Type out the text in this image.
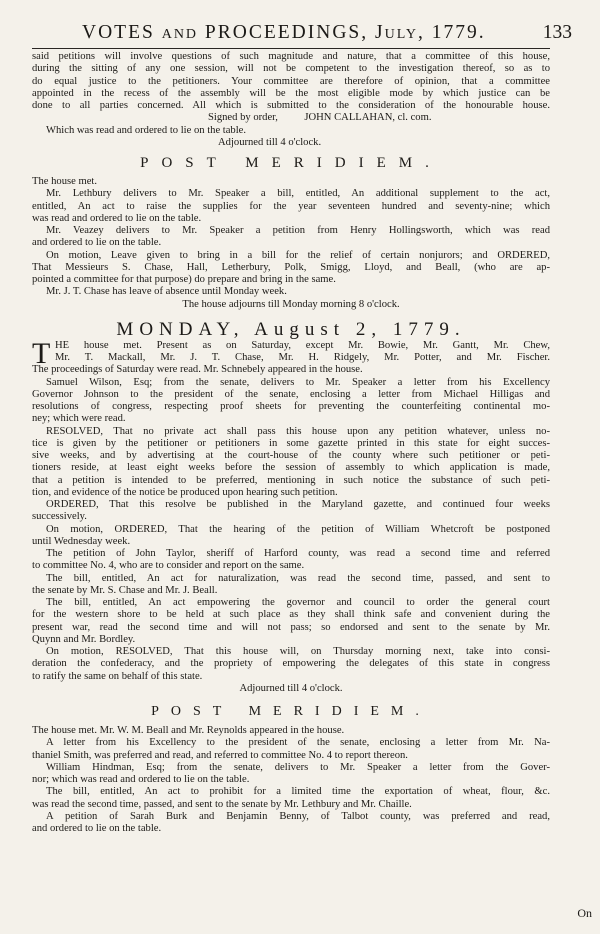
VOTES and PROCEEDINGS, July, 1779.	133
said petitions will involve questions of such magnitude and nature, that a committee of this house,
during the sitting of any one session, will not be competent to the investigation thereof, so as to
do equal justice to the petitioners. Your committee are therefore of opinion, that a committee
appointed in the recess of the assembly will be the most eligible mode by which justice can be
done to all parties concerned. All which is submitted to the consideration of the honourable house.
Signed by order,          JOHN CALLAHAN, cl. com.
Which was read and ordered to lie on the table.
Adjourned till 4 o'clock.
POST MERIDIEM.
The house met.
Mr. Lethbury delivers to Mr. Speaker a bill, entitled, An additional supplement to the act,
entitled, An act to raise the supplies for the year seventeen hundred and seventy-nine; which
was read and ordered to lie on the table.
Mr. Veazey delivers to Mr. Speaker a petition from Henry Hollingsworth, which was read
and ordered to lie on the table.
On motion, Leave given to bring in a bill for the relief of certain nonjurors; and ORDERED,
That Messieurs S. Chase, Hall, Letherbury, Polk, Smigg, Lloyd, and Beall, (who are ap-
pointed a committee for that purpose) do prepare and bring in the same.
Mr. J. T. Chase has leave of absence until Monday week.
The house adjourns till Monday morning 8 o'clock.
MONDAY, August 2, 1779.
T HE house met. Present as on Saturday, except Mr. Bowie, Mr. Gantt, Mr. Chew,
Mr. T. Mackall, Mr. J. T. Chase, Mr. H. Ridgely, Mr. Potter, and Mr. Fischer.
The proceedings of Saturday were read. Mr. Schnebely appeared in the house.
Samuel Wilson, Esq; from the senate, delivers to Mr. Speaker a letter from his Excellency
Governor Johnson to the president of the senate, enclosing a letter from Michael Hilligas and
resolutions of congress, respecting proof sheets for preventing the counterfeiting continental mo-
ney; which were read.
RESOLVED, That no private act shall pass this house upon any petition whatever, unless no-
tice is given by the petitioner or petitioners in some gazette printed in this state for eight succes-
sive weeks, and by advertising at the court-house of the county where such petitioner or peti-
tioners reside, at least eight weeks before the session of assembly to which application is made,
that a petition is intended to be preferred, mentioning in such notice the substance of such peti-
tion, and evidence of the notice be produced upon hearing such petition.
ORDERED, That this resolve be published in the Maryland gazette, and continued four weeks
successively.
On motion, ORDERED, That the hearing of the petition of William Whetcroft be postponed
until Wednesday week.
The petition of John Taylor, sheriff of Harford county, was read a second time and referred
to committee No. 4, who are to consider and report on the same.
The bill, entitled, An act for naturalization, was read the second time, passed, and sent to
the senate by Mr. S. Chase and Mr. J. Beall.
The bill, entitled, An act empowering the governor and council to order the general court
for the western shore to be held at such place as they shall think safe and convenient during the
present war, read the second time and will not pass; so endorsed and sent to the senate by Mr.
Quynn and Mr. Bordley.
On motion, RESOLVED, That this house will, on Thursday morning next, take into consi-
deration the confederacy, and the propriety of empowering the delegates of this state in congress
to ratify the same on behalf of this state.
Adjourned till 4 o'clock.
POST MERIDIEM.
The house met. Mr. W. M. Beall and Mr. Reynolds appeared in the house.
A letter from his Excellency to the president of the senate, enclosing a letter from Mr. Na-
thaniel Smith, was preferred and read, and referred to committee No. 4 to report thereon.
William Hindman, Esq; from the senate, delivers to Mr. Speaker a letter from the Gover-
nor; which was read and ordered to lie on the table.
The bill, entitled, An act to prohibit for a limited time the exportation of wheat, flour, &c.
was read the second time, passed, and sent to the senate by Mr. Lethbury and Mr. Chaille.
A petition of Sarah Burk and Benjamin Benny, of Talbot county, was preferred and read,
and ordered to lie on the table.
On
